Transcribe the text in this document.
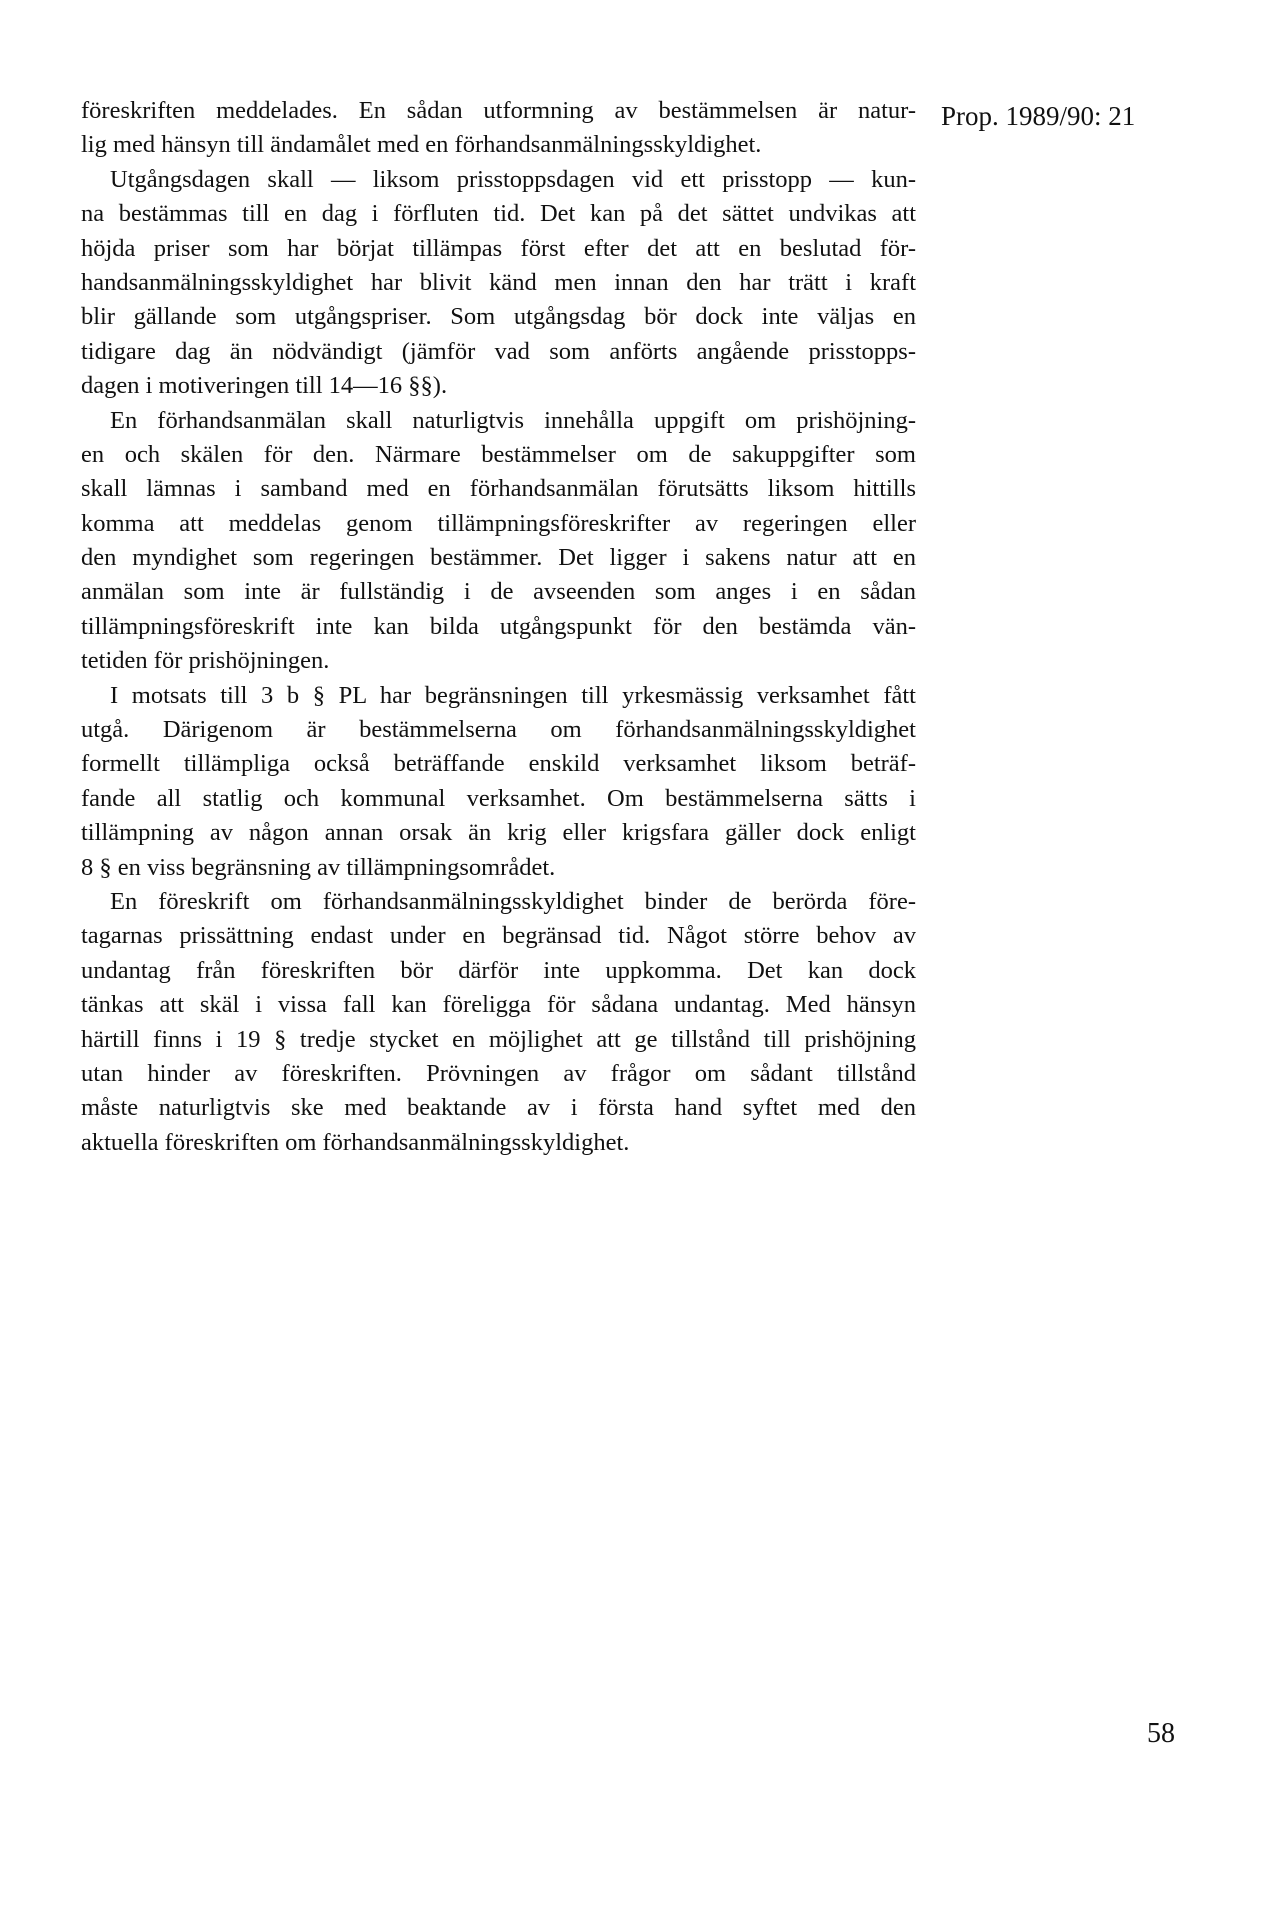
Prop. 1989/90: 21
föreskriften meddelades. En sådan utformning av bestämmelsen är natur-
lig med hänsyn till ändamålet med en förhandsanmälningsskyldighet.
Utgångsdagen skall — liksom prisstoppsdagen vid ett prisstopp — kun-
na bestämmas till en dag i förfluten tid. Det kan på det sättet undvikas att
höjda priser som har börjat tillämpas först efter det att en beslutad för-
handsanmälningsskyldighet har blivit känd men innan den har trätt i kraft
blir gällande som utgångspriser. Som utgångsdag bör dock inte väljas en
tidigare dag än nödvändigt (jämför vad som anförts angående prisstopps-
dagen i motiveringen till 14—16 §§).
En förhandsanmälan skall naturligtvis innehålla uppgift om prishöjning-
en och skälen för den. Närmare bestämmelser om de sakuppgifter som
skall lämnas i samband med en förhandsanmälan förutsätts liksom hittills
komma att meddelas genom tillämpningsföreskrifter av regeringen eller
den myndighet som regeringen bestämmer. Det ligger i sakens natur att en
anmälan som inte är fullständig i de avseenden som anges i en sådan
tillämpningsföreskrift inte kan bilda utgångspunkt för den bestämda vän-
tetiden för prishöjningen.
I motsats till 3 b § PL har begränsningen till yrkesmässig verksamhet fått
utgå. Därigenom är bestämmelserna om förhandsanmälningsskyldighet
formellt tillämpliga också beträffande enskild verksamhet liksom beträf-
fande all statlig och kommunal verksamhet. Om bestämmelserna sätts i
tillämpning av någon annan orsak än krig eller krigsfara gäller dock enligt
8 § en viss begränsning av tillämpningsområdet.
En föreskrift om förhandsanmälningsskyldighet binder de berörda före-
tagarnas prissättning endast under en begränsad tid. Något större behov av
undantag från föreskriften bör därför inte uppkomma. Det kan dock
tänkas att skäl i vissa fall kan föreligga för sådana undantag. Med hänsyn
härtill finns i 19 § tredje stycket en möjlighet att ge tillstånd till prishöjning
utan hinder av föreskriften. Prövningen av frågor om sådant tillstånd
måste naturligtvis ske med beaktande av i första hand syftet med den
aktuella föreskriften om förhandsanmälningsskyldighet.
58
